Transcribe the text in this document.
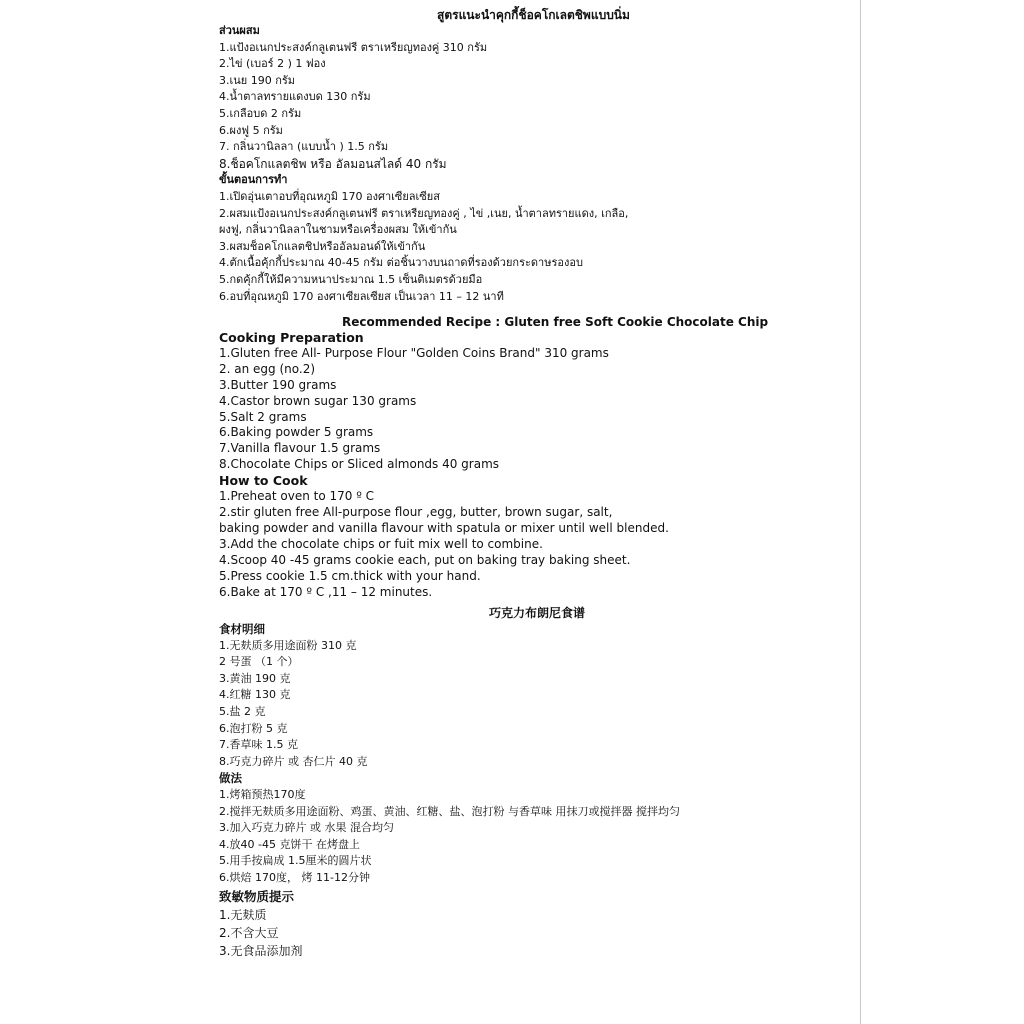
สูตรแนะนำคุกกี้ช็อคโกเลตชิพแบบนิ่ม
ส่วนผสม
1.แป้งอเนกประสงค์กลูเตนฟรี ตราเหรียญทองคู่ 310 กรัม
2.ไข่ (เบอร์ 2 ) 1 ฟอง
3.เนย 190 กรัม
4.น้ำตาลทรายแดงบด 130 กรัม
5.เกลือบด 2 กรัม
6.ผงฟู 5 กรัม
7. กลิ่นวานิลลา (แบบน้ำ ) 1.5 กรัม
8.ช็อคโกแลตชิพ หรือ อัลมอนสไลด์ 40 กรัม
ขั้นตอนการทำ
1.เปิดอุ่นเตาอบที่อุณหภูมิ 170 องศาเซียลเซียส
2.ผสมแป้งอเนกประสงค์กลูเตนฟรี ตราเหรียญทองคู่ , ไข่ ,เนย, น้ำตาลทรายแดง, เกลือ,
ผงฟู, กลิ่นวานิลลาในชามหรือเครื่องผสม ให้เข้ากัน
3.ผสมช็อคโกแลตชิปหรืออัลมอนด์ให้เข้ากัน
4.ตักเนื้อคุ้กกี้ประมาณ 40-45 กรัม ต่อชิ้นวางบนถาดที่รองด้วยกระดาษรองอบ
5.กดคุ้กกี้ให้มีความหนาประมาณ 1.5 เซ็นติเมตรด้วยมือ
6.อบที่อุณหภูมิ 170 องศาเซียลเซียส เป็นเวลา 11 – 12 นาที
Recommended Recipe : Gluten free Soft Cookie Chocolate Chip
Cooking Preparation
1.Gluten free All- Purpose Flour "Golden Coins Brand" 310 grams
2. an egg (no.2)
3.Butter 190 grams
4.Castor brown sugar 130 grams
5.Salt 2 grams
6.Baking powder 5 grams
7.Vanilla flavour 1.5 grams
8.Chocolate Chips or Sliced almonds 40 grams
How to Cook
1.Preheat oven to 170 º C
2.stir gluten free All-purpose flour ,egg, butter, brown sugar, salt,
baking powder and vanilla flavour with spatula or mixer until well blended.
3.Add the chocolate chips or fuit mix well to combine.
4.Scoop 40 -45 grams cookie each, put on baking tray baking sheet.
5.Press cookie 1.5 cm.thick with your hand.
6.Bake at 170 º C ,11 – 12 minutes.
巧克力布朗尼食谱
食材明细
1.无麸质多用途面粉 310 克
2 号蛋 （1 个）
3.黄油 190 克
4.红糖 130 克
5.盐 2 克
6.泡打粉 5 克
7.香草味 1.5 克
8.巧克力碎片 或 杏仁片 40 克
做法
1.烤箱预热170度
2.搅拌无麸质多用途面粉、鸡蛋、黄油、红糖、盐、泡打粉 与香草味 用抹刀或搅拌器 搅拌均匀
3.加入巧克力碎片 或 水果 混合均匀
4.放40 -45 克饼干 在烤盘上
5.用手按扁成 1.5厘米的圆片状
6.烘焙 170度， 烤 11-12分钟
致敏物质提示
1.无麸质
2.不含大豆
3.无食品添加剂
